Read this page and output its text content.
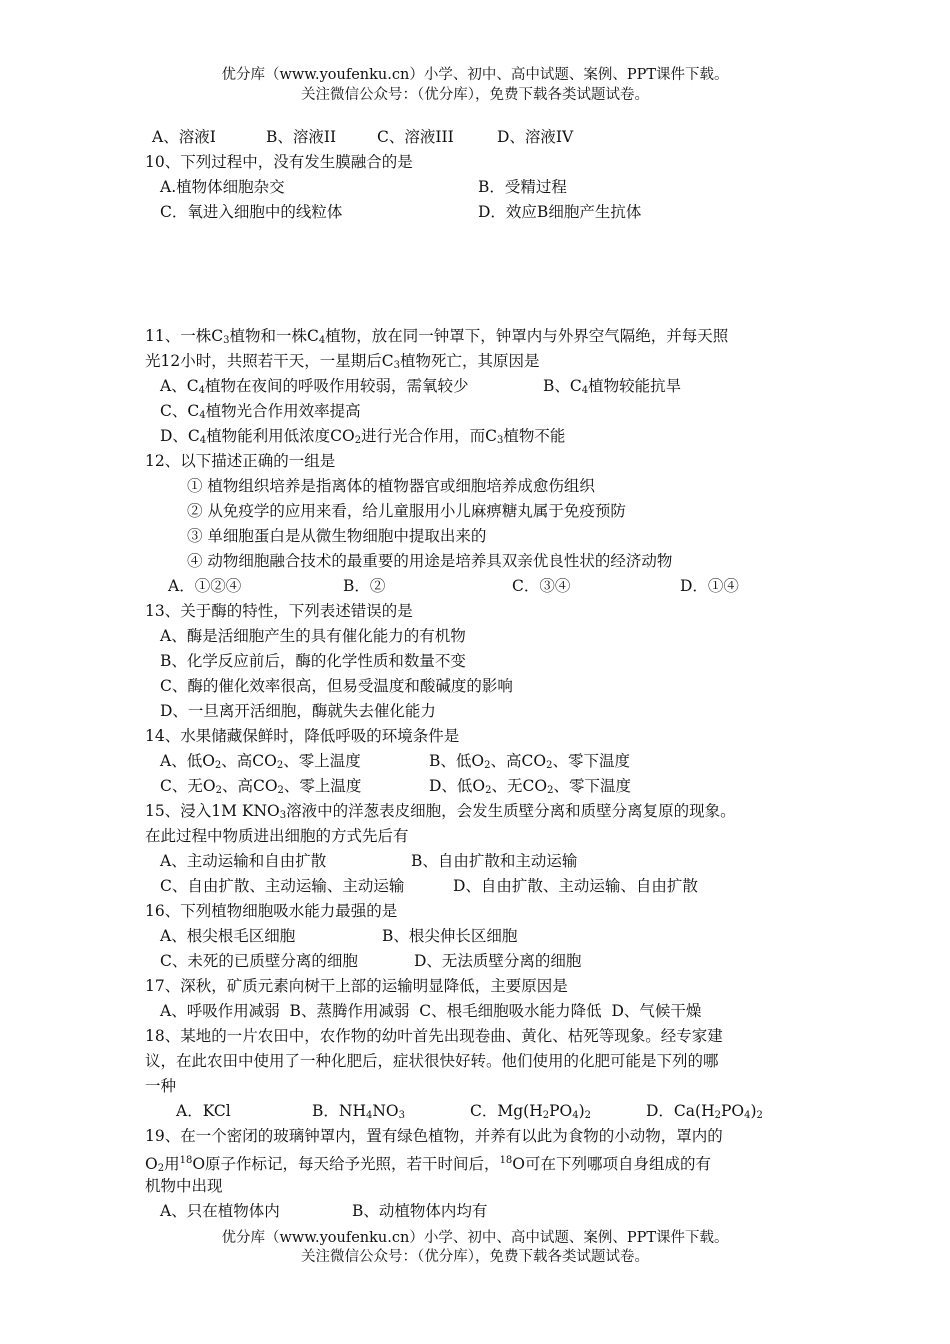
优分库（www.youfenku.cn）小学、初中、高中试题、案例、PPT课件下载。
关注微信公众号：（优分库），免费下载各类试题试卷。
A、溶液I	B、溶液II	C、溶液III	D、溶液IV
10、下列过程中，没有发生膜融合的是
A.植物体细胞杂交	B．受精过程
C．氧进入细胞中的线粒体	D．效应B细胞产生抗体
11、一株$C_3$植物和一株$C_4$植物，放在同一钟罩下，钟罩内与外界空气隔绝，并每天照
光12小时，共照若干天，一星期后$C_3$植物死亡，其原因是
A、$C_4$植物在夜间的呼吸作用较弱，需氧较少	B、$C_4$植物较能抗旱
C、$C_4$植物光合作用效率提高
D、$C_4$植物能利用低浓度$CO_2$进行光合作用，而$C_3$植物不能
12、以下描述正确的一组是
① 植物组织培养是指离体的植物器官或细胞培养成愈伤组织
② 从免疫学的应用来看，给儿童服用小儿麻痹糖丸属于免疫预防
③ 单细胞蛋白是从微生物细胞中提取出来的
④ 动物细胞融合技术的最重要的用途是培养具双亲优良性状的经济动物
A．①②④	B．②	C．③④	D．①④
13、关于酶的特性，下列表述错误的是
A、酶是活细胞产生的具有催化能力的有机物
B、化学反应前后，酶的化学性质和数量不变
C、酶的催化效率很高，但易受温度和酸碱度的影响
D、一旦离开活细胞，酶就失去催化能力
14、水果储藏保鲜时，降低呼吸的环境条件是
A、低$O_2$、高$CO_2$、零上温度	B、低$O_2$、高$CO_2$、零下温度
C、无$O_2$、高$CO_2$、零上温度	D、低$O_2$、无$CO_2$、零下温度
15、浸入1M $KNO_3$溶液中的洋葱表皮细胞，会发生质壁分离和质壁分离复原的现象。
在此过程中物质进出细胞的方式先后有
A、主动运输和自由扩散	B、自由扩散和主动运输
C、自由扩散、主动运输、主动运输	D、自由扩散、主动运输、自由扩散
16、下列植物细胞吸水能力最强的是
A、根尖根毛区细胞	B、根尖伸长区细胞
C、未死的已质壁分离的细胞	D、无法质壁分离的细胞
17、深秋，矿质元素向树干上部的运输明显降低，主要原因是
A、呼吸作用减弱  B、蒸腾作用减弱  C、根毛细胞吸水能力降低  D、气候干燥
18、某地的一片农田中，农作物的幼叶首先出现卷曲、黄化、枯死等现象。经专家建
议，在此农田中使用了一种化肥后，症状很快好转。他们使用的化肥可能是下列的哪
一种
A．KCl	B．$NH_4NO_3$	C．$Mg(H_2PO_4)_2$	D．$Ca(H_2PO_4)_2$
19、在一个密闭的玻璃钟罩内，置有绿色植物，并养有以此为食物的小动物，罩内的
$O_2$用$^{18}$O原子作标记，每天给予光照，若干时间后，$^{18}$O可在下列哪项自身组成的有
机物中出现
A、只在植物体内	B、动植物体内均有
优分库（www.youfenku.cn）小学、初中、高中试题、案例、PPT课件下载。
关注微信公众号：（优分库），免费下载各类试题试卷。
